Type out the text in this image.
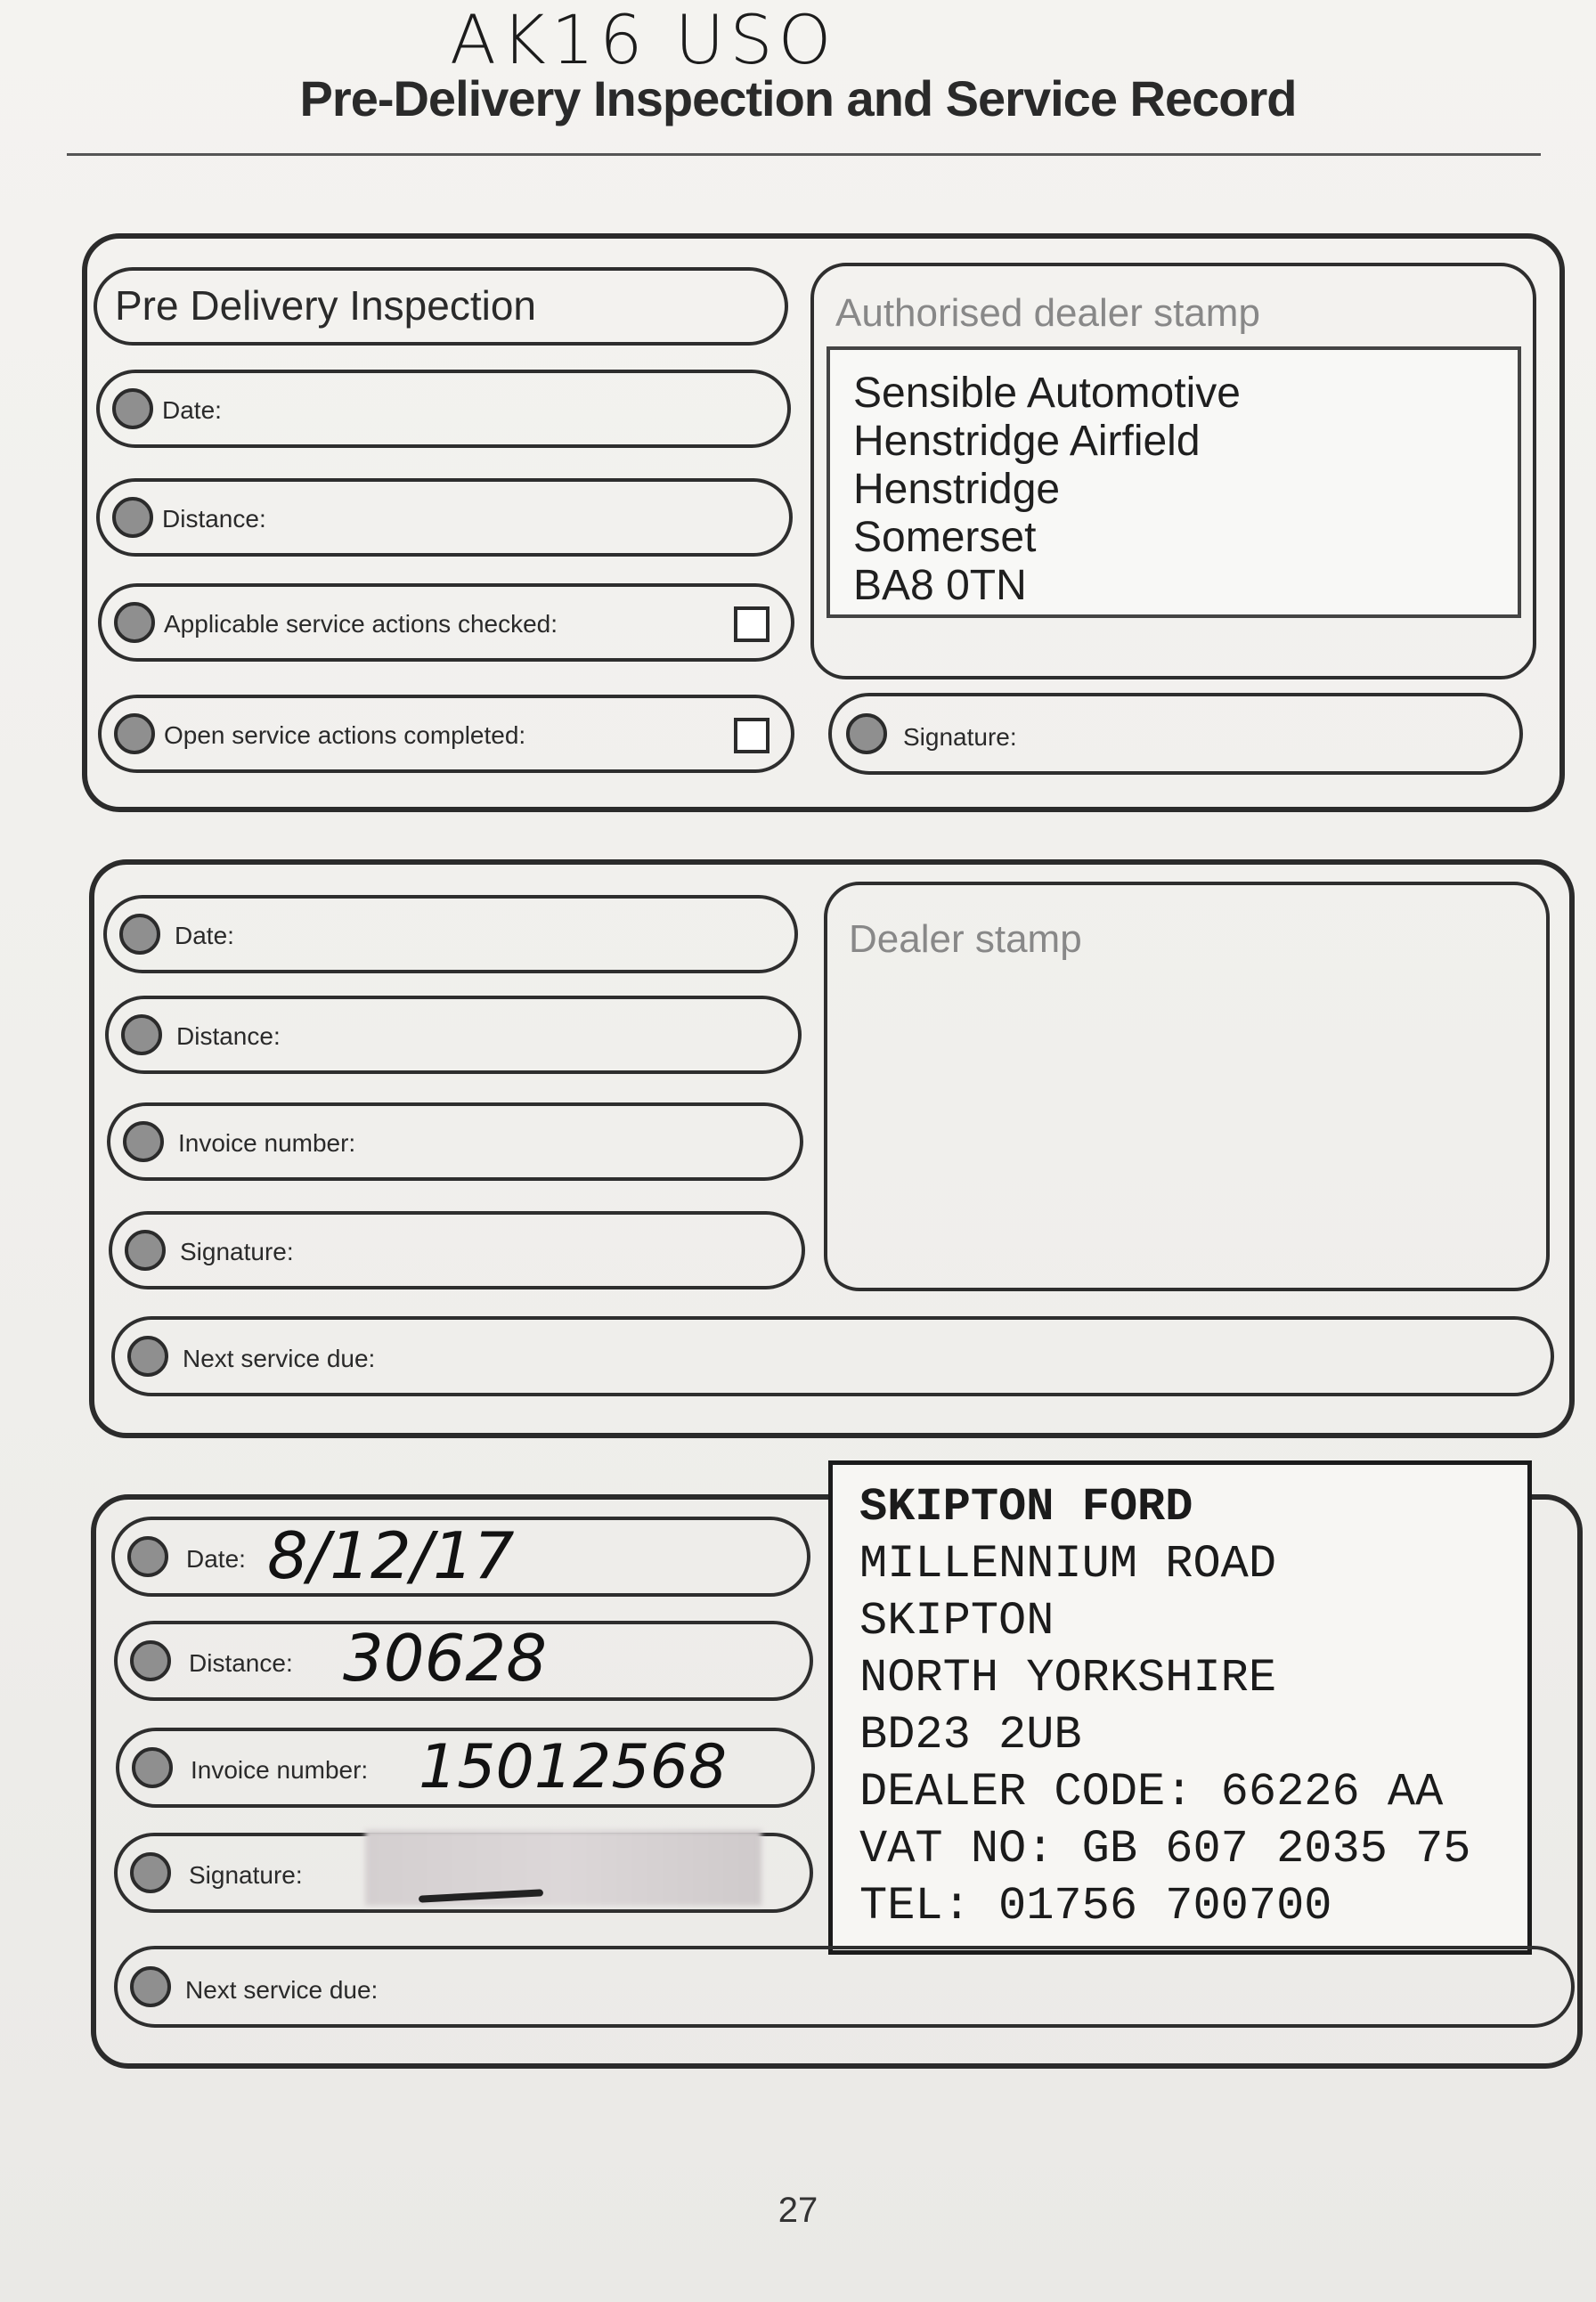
AK16 USO
Pre-Delivery Inspection and Service Record
Pre Delivery Inspection
Date:
Distance:
Applicable service actions checked:
Open service actions completed:
Authorised dealer stamp
Sensible Automotive
Henstridge Airfield
Henstridge
Somerset
BA8 0TN
Signature:
Date:
Distance:
Invoice number:
Signature:
Dealer stamp
Next service due:
Date: 8/12/17
Distance: 30628
Invoice number: 15012568
Signature:
SKIPTON FORD
MILLENNIUM ROAD
SKIPTON
NORTH YORKSHIRE
BD23 2UB
DEALER CODE: 66226 AA
VAT NO: GB 607 2035 75
TEL: 01756 700700
Next service due:
27
